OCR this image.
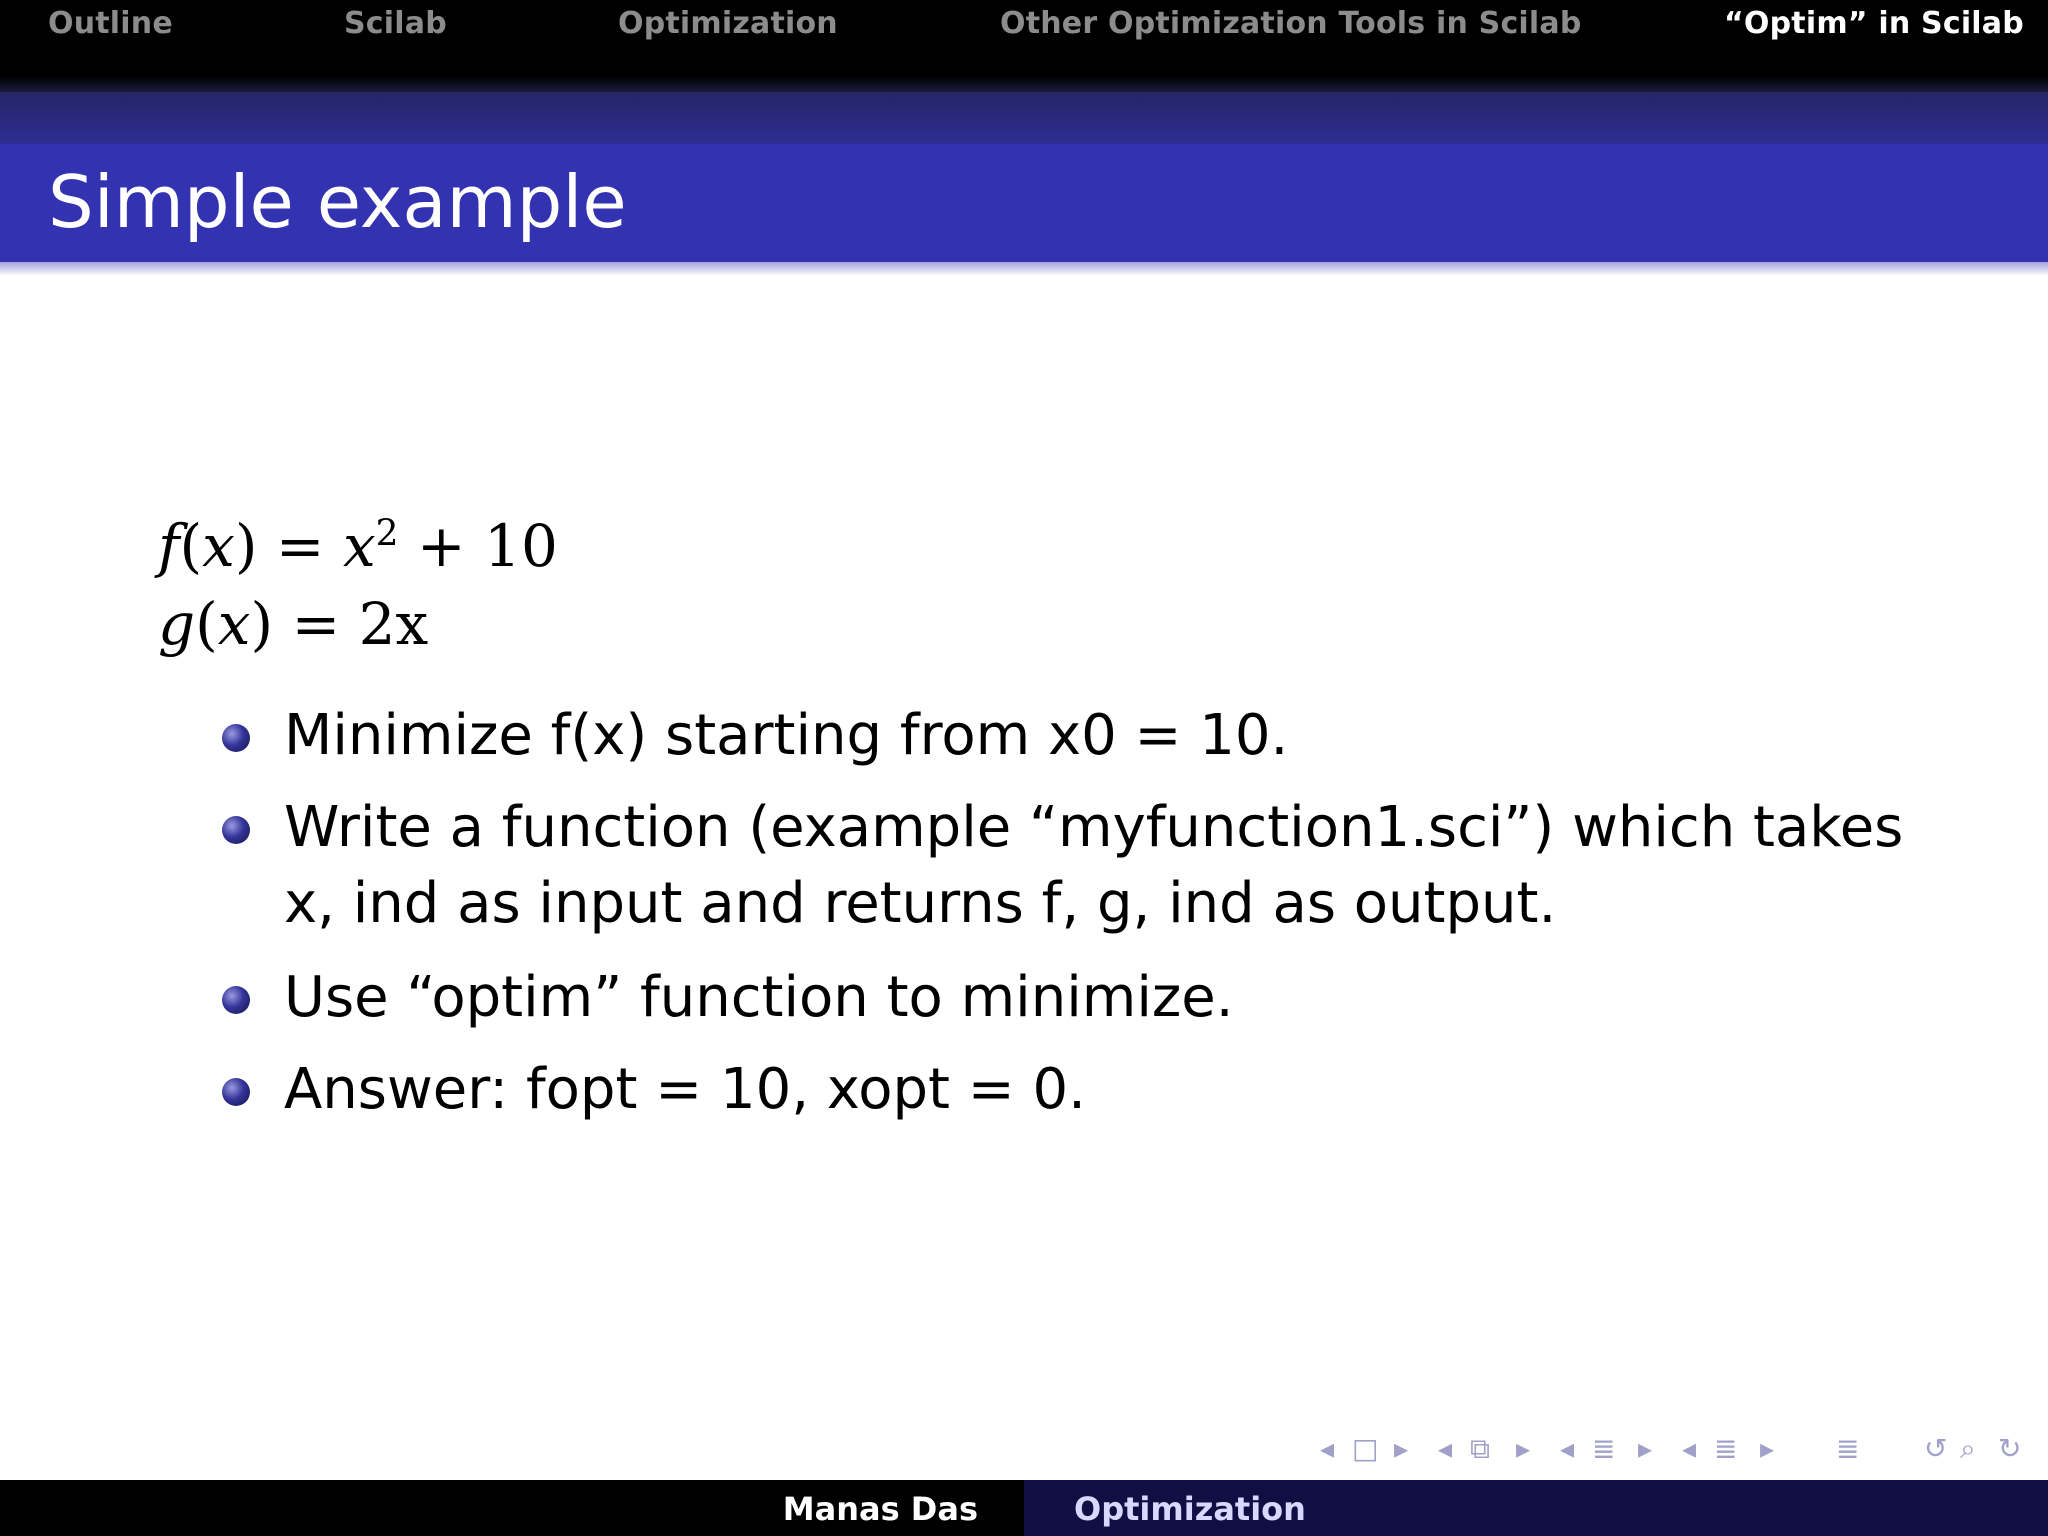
Outline	Scilab	Optimization	Other Optimization Tools in Scilab	“Optim” in Scilab
Simple example
$f(x) = x^2 + 10$
g(x) = 2x
Minimize f(x) starting from x0 = 10.
Write a function (example “myfunction1.sci”) which takes
x, ind as input and returns f, g, ind as output.
Use “optim” function to minimize.
Answer: fopt = 10, xopt = 0.
◂ □ ▸ ◂ ⧉ ▸ ◂ ≣ ▸ ◂ ≣ ▸ ≣ ↺ ⌕ ↻
Manas Das	Optimization
